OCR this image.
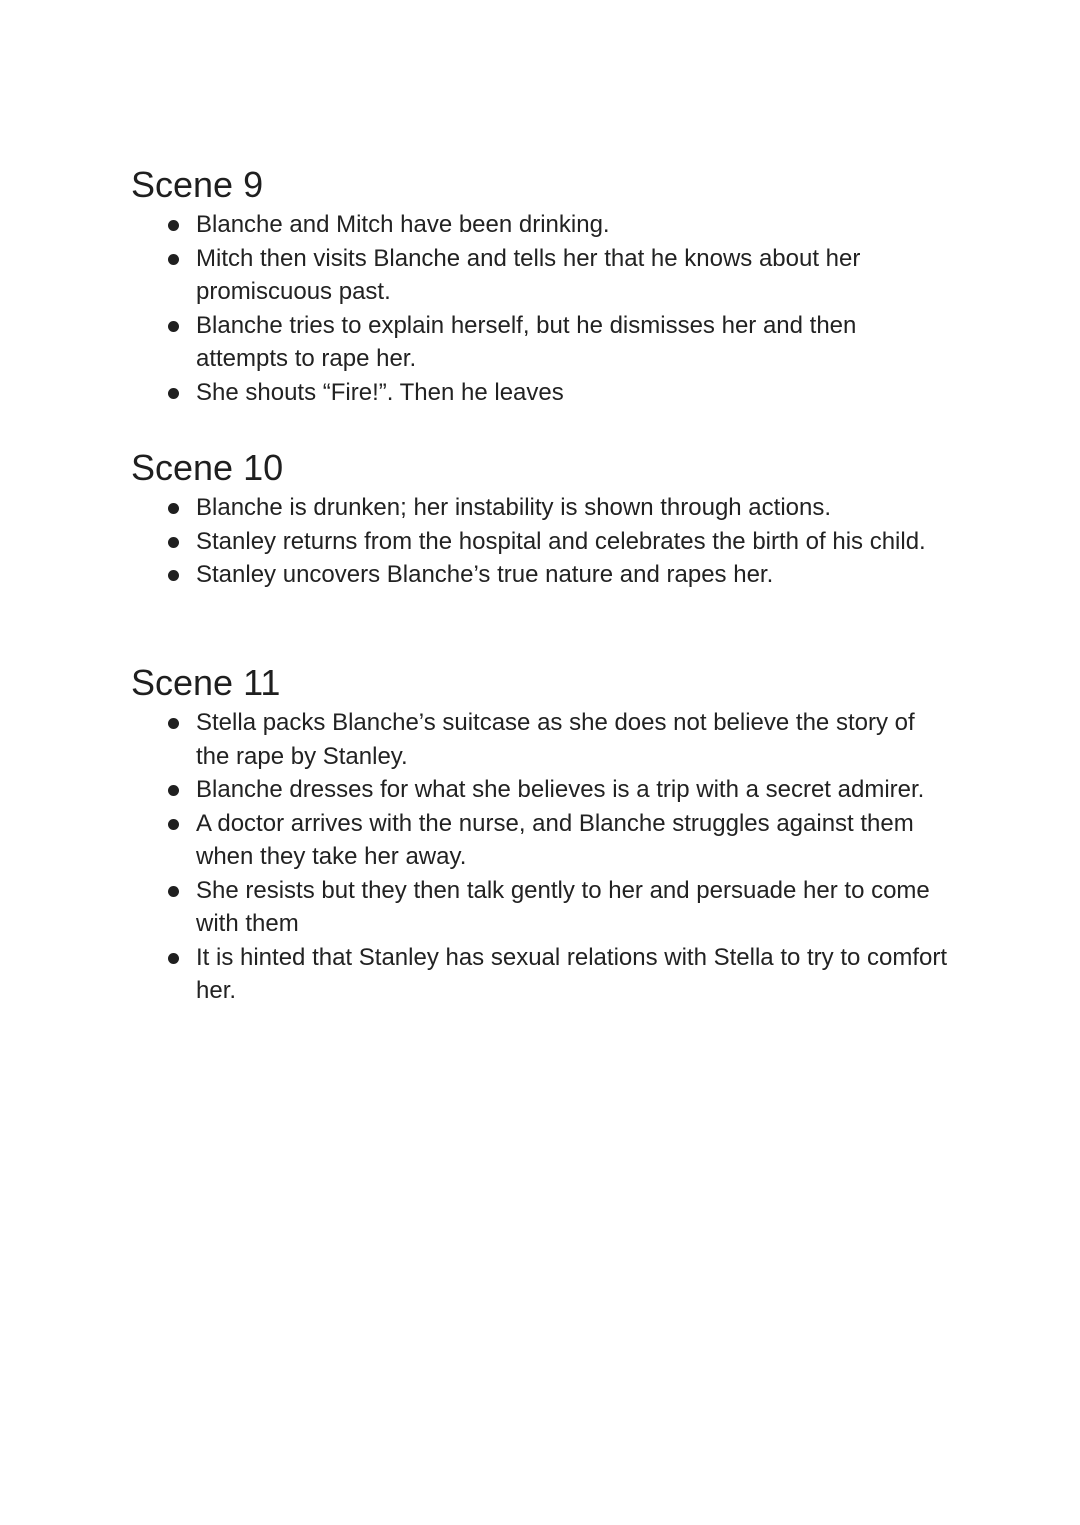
Scene 9
Blanche and Mitch have been drinking.
Mitch then visits Blanche and tells her that he knows about her promiscuous past.
Blanche tries to explain herself, but he dismisses her and then attempts to rape her.
She shouts “Fire!”. Then he leaves
Scene 10
Blanche is drunken; her instability is shown through actions.
Stanley returns from the hospital and celebrates the birth of his child.
Stanley uncovers Blanche’s true nature and rapes her.
Scene 11
Stella packs Blanche’s suitcase as she does not believe the story of the rape by Stanley.
Blanche dresses for what she believes is a trip with a secret admirer.
A doctor arrives with the nurse, and Blanche struggles against them when they take her away.
She resists but they then talk gently to her and persuade her to come with them
It is hinted that Stanley has sexual relations with Stella to try to comfort her.
